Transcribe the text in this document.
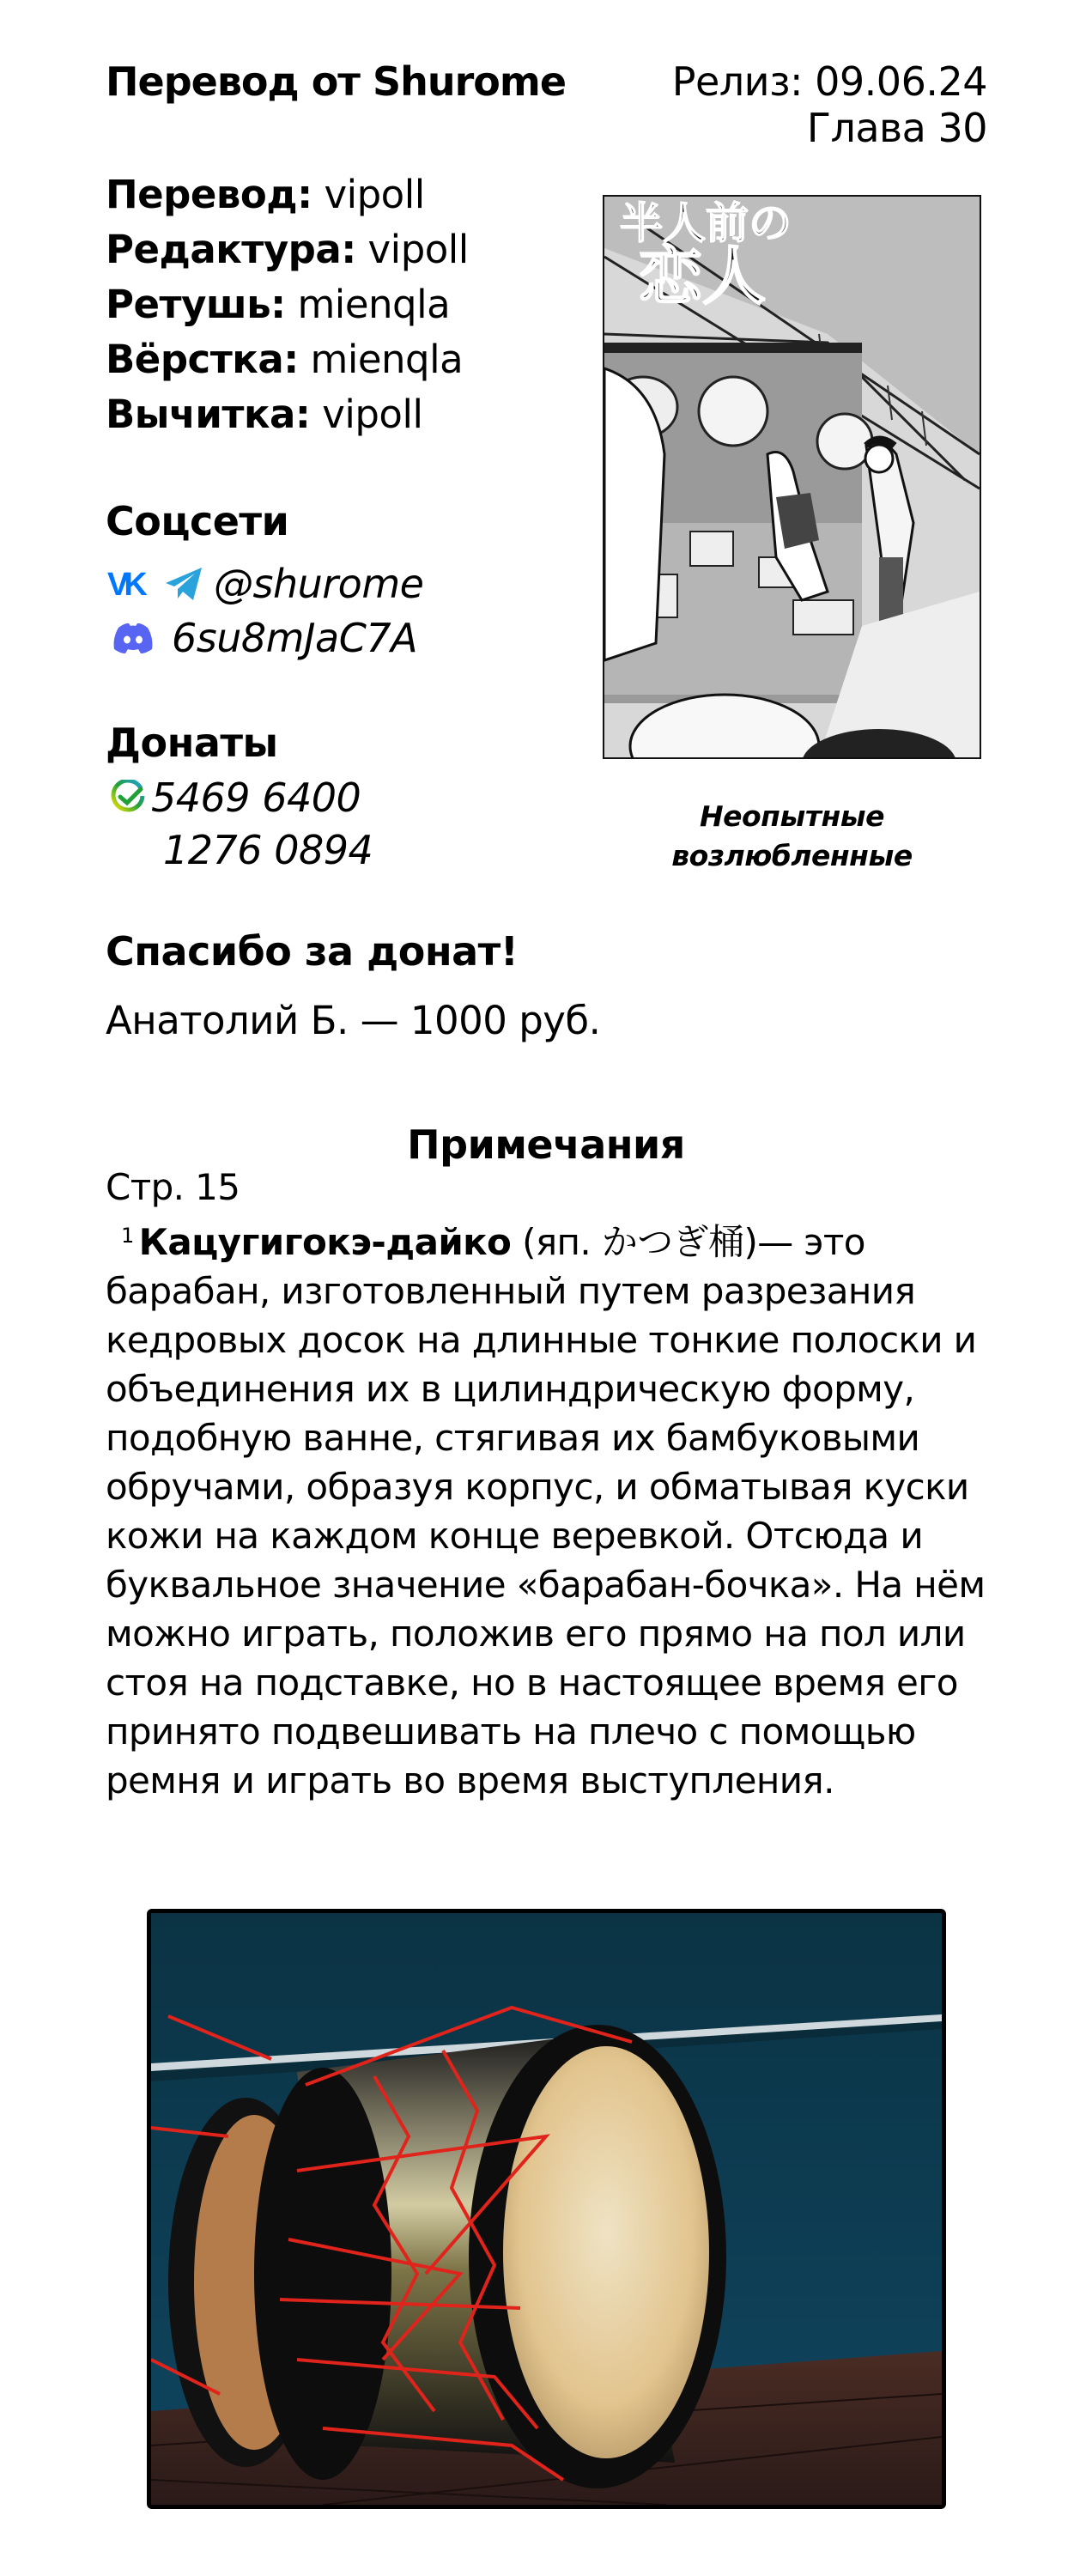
Перевод от Shurome	Релиз: 09.06.24
Глава 30
Перевод: vipoll
Редактура: vipoll
Ретушь: mienqla
Вёрстка: mienqla
Вычитка: vipoll
Соцсети
VK @shurome
6su8mJaC7A
Донаты
5469 6400
1276 0894
半人前の
恋人
Неопытные возлюбленные
Спасибо за донат!
Анатолий Б. — 1000 руб.
Примечания
Стр. 15
$^1$ Кацугигокэ-дайко (яп. かつぎ桶)— это барабан, изготовленный путем разрезания кедровых досок на длинные тонкие полоски и объединения их в цилиндрическую форму, подобную ванне, стягивая их бамбуковыми обручами, образуя корпус, и обматывая куски кожи на каждом конце веревкой. Отсюда и буквальное значение «барабан-бочка». На нём можно играть, положив его прямо на пол или стоя на подставке, но в настоящее время его принято подвешивать на плечо с помощью ремня и играть во время выступления.
